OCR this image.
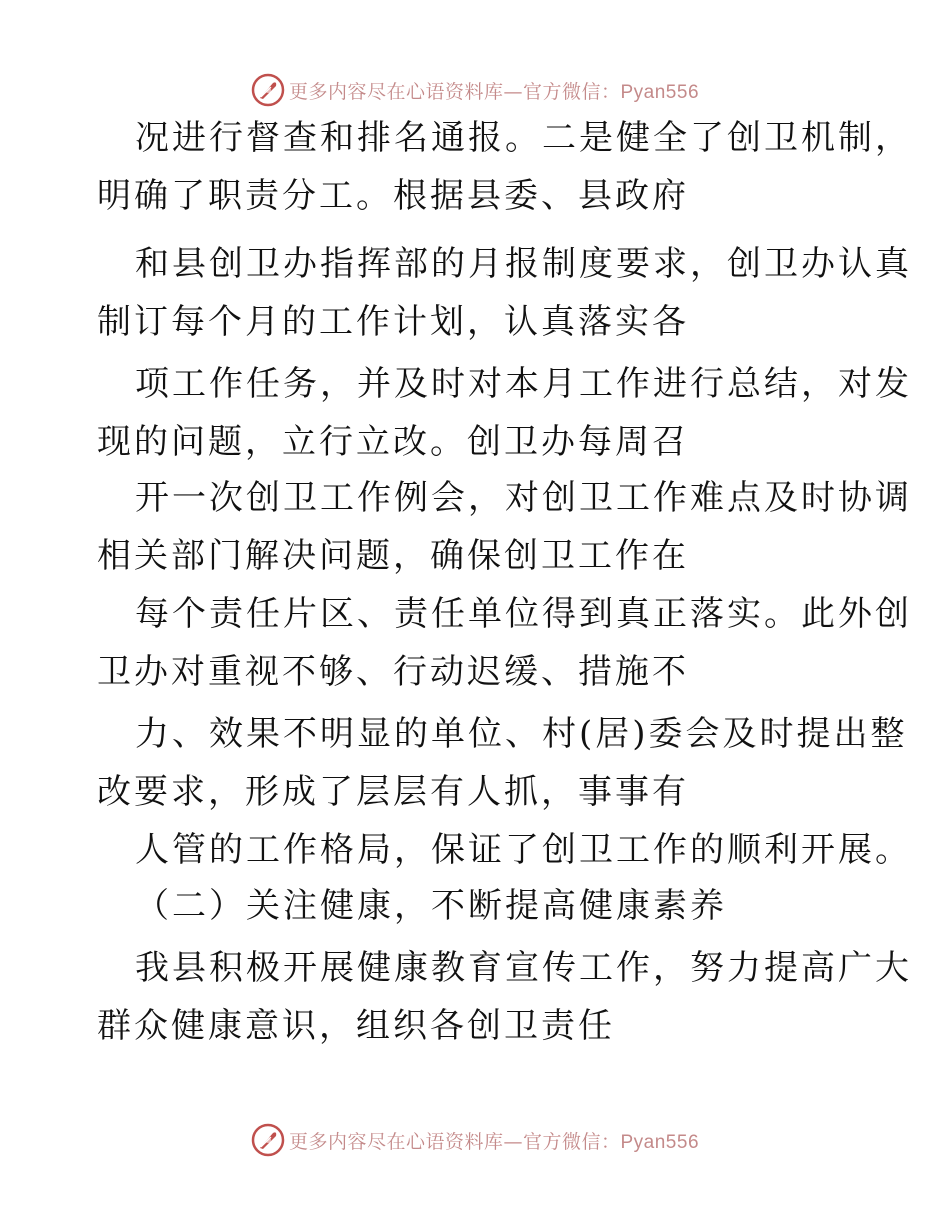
更多内容尽在心语资料库—官方微信：Pyan556
况进行督查和排名通报。二是健全了创卫机制，
明确了职责分工。根据县委、县政府
和县创卫办指挥部的月报制度要求，创卫办认真
制订每个月的工作计划，认真落实各
项工作任务，并及时对本月工作进行总结，对发
现的问题，立行立改。创卫办每周召
开一次创卫工作例会，对创卫工作难点及时协调
相关部门解决问题，确保创卫工作在
每个责任片区、责任单位得到真正落实。此外创
卫办对重视不够、行动迟缓、措施不
力、效果不明显的单位、村(居)委会及时提出整
改要求，形成了层层有人抓，事事有
人管的工作格局，保证了创卫工作的顺利开展。
（二）关注健康，不断提高健康素养
我县积极开展健康教育宣传工作，努力提高广大
群众健康意识，组织各创卫责任
更多内容尽在心语资料库—官方微信：Pyan556
